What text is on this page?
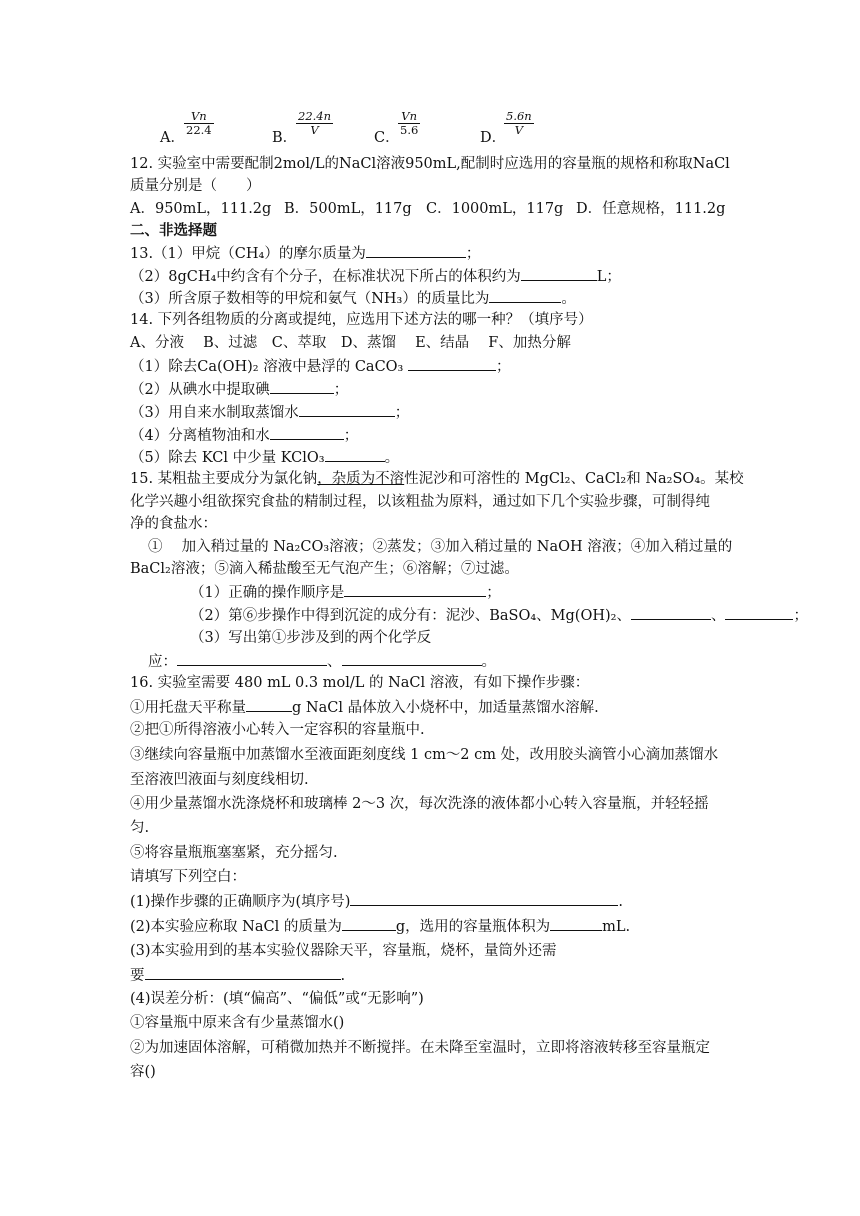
A．
$\frac{Vn}{22.4}$
B．
$\frac{22.4n}{V}$
C．
$\frac{Vn}{5.6}$
D．
$\frac{5.6n}{V}$
12. 实验室中需要配制2mol/L的NaCl溶液950mL,配制时应选用的容量瓶的规格和称取NaCl
质量分别是（　　）
A．950mL，111.2g B．500mL，117g C．1000mL，117g D．任意规格，111.2g
二、非选择题
13.（1）甲烷（CH₄）的摩尔质量为	；
（2）8gCH₄中约含有个分子，在标准状况下所占的体积约为	L；
（3）所含原子数相等的甲烷和氨气（NH₃）的质量比为	。
14. 下列各组物质的分离或提纯，应选用下述方法的哪一种？（填序号）
A、分液　 B、过滤　C、萃取　D、蒸馏　 E、结晶　 F、加热分解
（1）除去Ca(OH)₂ 溶液中悬浮的 CaCO₃	；
（2）从碘水中提取碘	；
（3）用自来水制取蒸馏水	；
（4）分离植物油和水	；
（5）除去 KCl 中少量 KClO₃	。
15. 某粗盐主要成分为氯化钠，杂质为不溶性泥沙和可溶性的 MgCl₂、CaCl₂和 Na₂SO₄。某校
化学兴趣小组欲探究食盐的精制过程，以该粗盐为原料，通过如下几个实验步骤，可制得纯
净的食盐水：
①　 加入稍过量的 Na₂CO₃溶液；②蒸发；③加入稍过量的 NaOH 溶液；④加入稍过量的
BaCl₂溶液；⑤滴入稀盐酸至无气泡产生；⑥溶解；⑦过滤。
（1）正确的操作顺序是	；
（2）第⑥步操作中得到沉淀的成分有：泥沙、BaSO₄、Mg(OH)₂、	、	；
（3）写出第①步涉及到的两个化学反
应：	、	。
16. 实验室需要 480 mL 0.3 mol/L 的 NaCl 溶液，有如下操作步骤：
①用托盘天平称量	g NaCl 晶体放入小烧杯中，加适量蒸馏水溶解.
②把①所得溶液小心转入一定容积的容量瓶中.
③继续向容量瓶中加蒸馏水至液面距刻度线 1 cm～2 cm 处，改用胶头滴管小心滴加蒸馏水
至溶液凹液面与刻度线相切.
④用少量蒸馏水洗涤烧杯和玻璃棒 2～3 次，每次洗涤的液体都小心转入容量瓶，并轻轻摇
匀.
⑤将容量瓶瓶塞塞紧，充分摇匀.
请填写下列空白：
(1)操作步骤的正确顺序为(填序号)	.
(2)本实验应称取 NaCl 的质量为	g，选用的容量瓶体积为	mL.
(3)本实验用到的基本实验仪器除天平，容量瓶，烧杯，量筒外还需
要	.
(4)误差分析：(填“偏高”、“偏低”或“无影响”)
①容量瓶中原来含有少量蒸馏水()
②为加速固体溶解，可稍微加热并不断搅拌。在未降至室温时，立即将溶液转移至容量瓶定
容()
